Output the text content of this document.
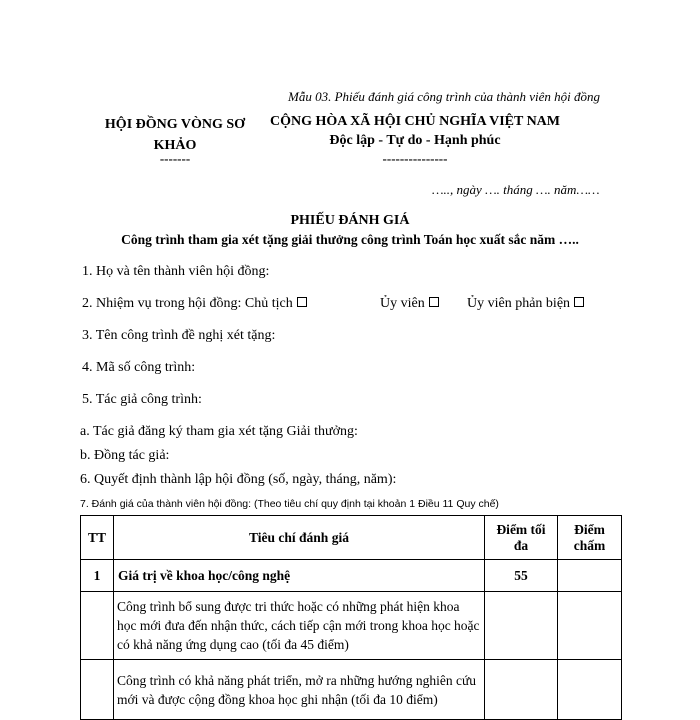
Mẫu 03. Phiếu đánh giá công trình của thành viên hội đồng
HỘI ĐỒNG VÒNG SƠ KHẢO
-------
CỘNG HÒA XÃ HỘI CHỦ NGHĨA VIỆT NAM
Độc lập - Tự do - Hạnh phúc
---------------
….., ngày …. tháng …. năm……
PHIẾU ĐÁNH GIÁ
Công trình tham gia xét tặng giải thưởng công trình Toán học xuất sắc năm …..
1. Họ và tên thành viên hội đồng:
2. Nhiệm vụ trong hội đồng: Chủ tịch	Ủy viên	Ủy viên phản biện
3. Tên công trình đề nghị xét tặng:
4. Mã số công trình:
5. Tác giả công trình:
a. Tác giả đăng ký tham gia xét tặng Giải thưởng:
b. Đồng tác giả:
6. Quyết định thành lập hội đồng (số, ngày, tháng, năm):
7. Đánh giá của thành viên hội đồng: (Theo tiêu chí quy định tại khoản 1 Điều 11 Quy chế)
TT	Tiêu chí đánh giá	Điểm tối đa	Điểm chấm
1	Giá trị về khoa học/công nghệ	55	
	Công trình bổ sung được tri thức hoặc có những phát hiện khoa học mới đưa đến nhận thức, cách tiếp cận mới trong khoa học hoặc có khả năng ứng dụng cao (tối đa 45 điểm)		
	Công trình có khả năng phát triển, mở ra những hướng nghiên cứu mới và được cộng đồng khoa học ghi nhận (tối đa 10 điểm)		
